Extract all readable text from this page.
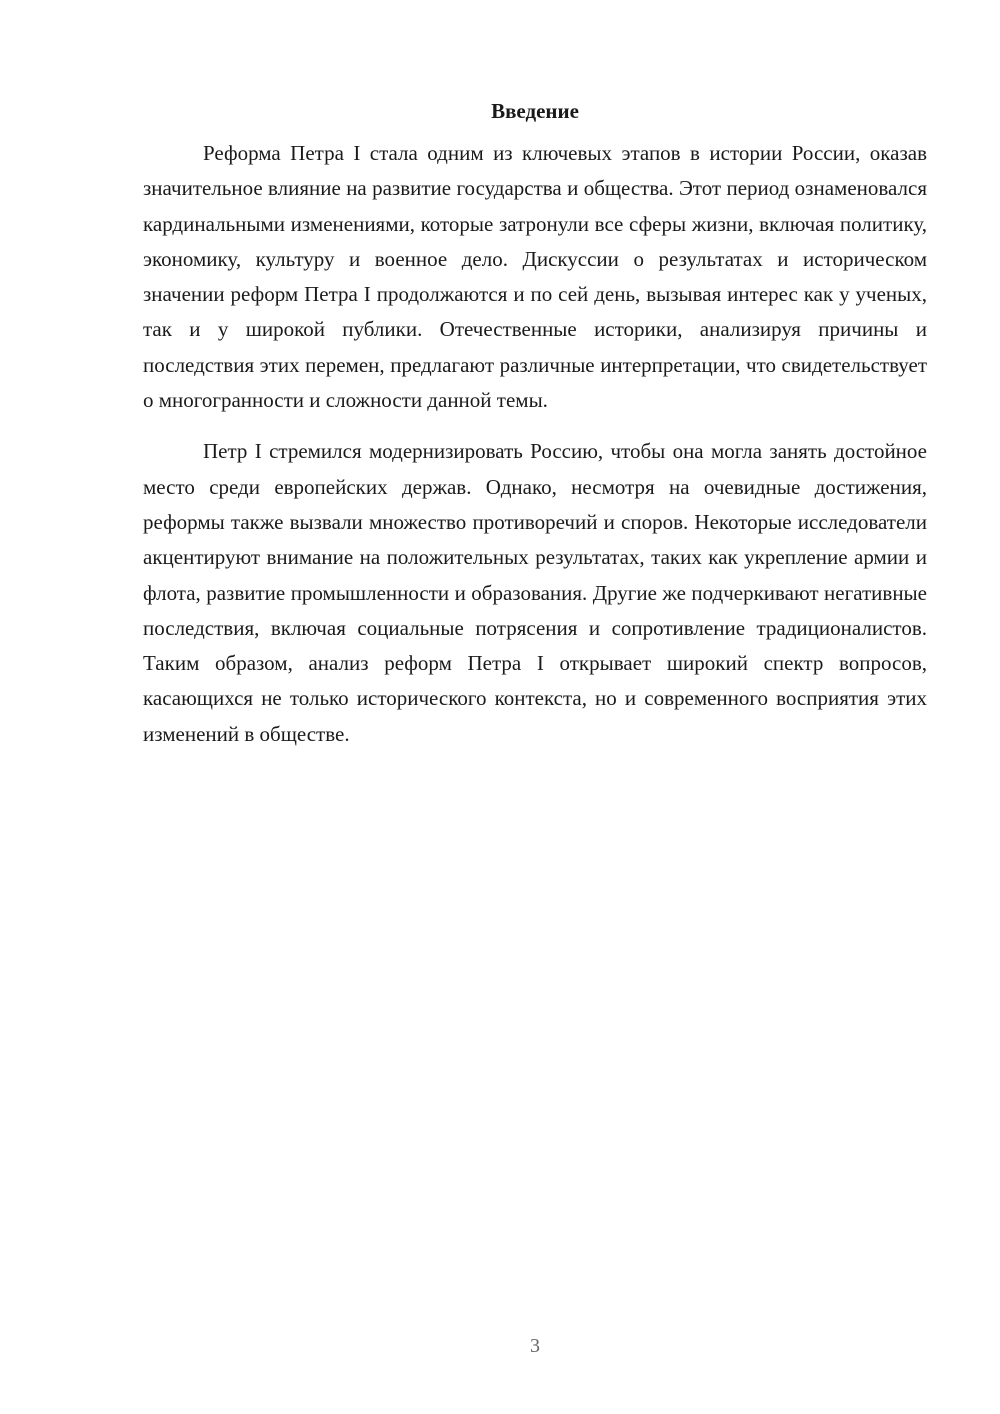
Введение

Реформа Петра I стала одним из ключевых этапов в истории России, оказав значительное влияние на развитие государства и общества. Этот период ознаменовался кардинальными изменениями, которые затронули все сферы жизни, включая политику, экономику, культуру и военное дело. Дискуссии о результатах и историческом значении реформ Петра I продолжаются и по сей день, вызывая интерес как у ученых, так и у широкой публики. Отечественные историки, анализируя причины и последствия этих перемен, предлагают различные интерпретации, что свидетельствует о многогранности и сложности данной темы.

Петр I стремился модернизировать Россию, чтобы она могла занять достойное место среди европейских держав. Однако, несмотря на очевидные достижения, реформы также вызвали множество противоречий и споров. Некоторые исследователи акцентируют внимание на положительных результатах, таких как укрепление армии и флота, развитие промышленности и образования. Другие же подчеркивают негативные последствия, включая социальные потрясения и сопротивление традиционалистов. Таким образом, анализ реформ Петра I открывает широкий спектр вопросов, касающихся не только исторического контекста, но и современного восприятия этих изменений в обществе.

3
